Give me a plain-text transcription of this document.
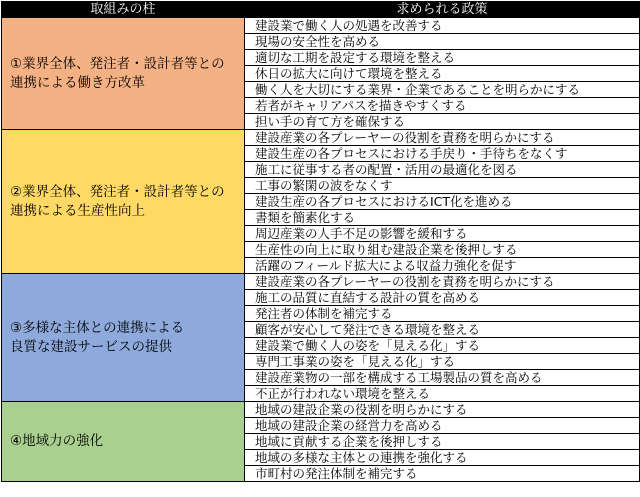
取組みの柱	求められる政策

①業界全体、発注者・設計者等との
連携による働き方改革	建設業で働く人の処遇を改善する
	現場の安全性を高める
	適切な工期を設定する環境を整える
	休日の拡大に向けて環境を整える
	働く人を大切にする業界・企業であることを明らかにする
	若者がキャリアパスを描きやすくする
	担い手の育て方を確保する

②業界全体、発注者・設計者等との
連携による生産性向上	建設産業の各プレーヤーの役割を責務を明らかにする
	建設生産の各プロセスにおける手戻り・手待ちをなくす
	施工に従事する者の配置・活用の最適化を図る
	工事の繁閑の波をなくす
	建設生産の各プロセスにおけるICT化を進める
	書類を簡素化する
	周辺産業の人手不足の影響を緩和する
	生産性の向上に取り組む建設企業を後押しする
	活躍のフィールド拡大による収益力強化を促す

③多様な主体との連携による
良質な建設サービスの提供	建設産業の各プレーヤーの役割を責務を明らかにする
	施工の品質に直結する設計の質を高める
	発注者の体制を補完する
	顧客が安心して発注できる環境を整える
	建設業で働く人の姿を「見える化」する
	専門工事業の姿を「見える化」する
	建設産業物の一部を構成する工場製品の質を高める
	不正が行われない環境を整える

④地域力の強化	地域の建設企業の役割を明らかにする
	地域の建設企業の経営力を高める
	地域に貢献する企業を後押しする
	地域の多様な主体との連携を強化する
	市町村の発注体制を補完する
